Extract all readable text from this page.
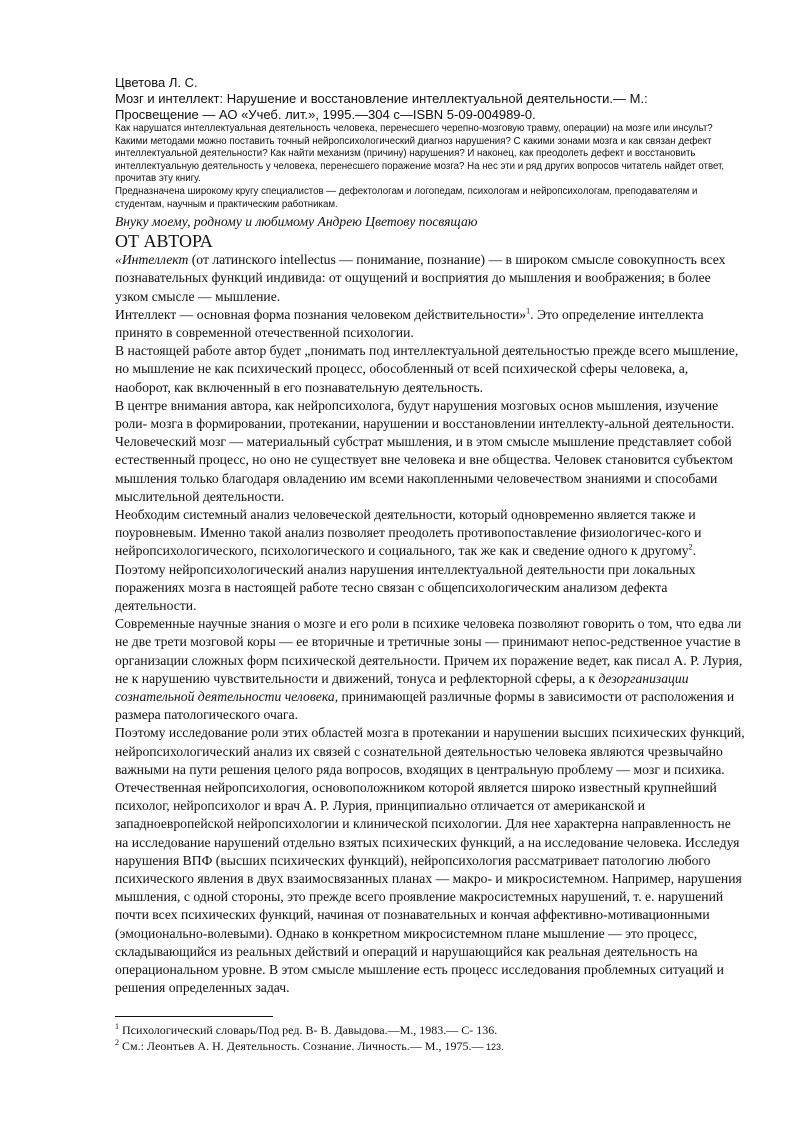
Цветова Л. С.
Мозг и интеллект: Нарушение и восстановление интеллектуальной деятельности.— М.:
Просвещение — АО «Учеб. лит.», 1995.—304 с—ISBN 5-09-004989-0.
Как нарушатся интеллектуальная деятельность человека, перенесшего черепно-мозговую травму, операции) на мозге или инсульт? Какими методами можно поставить точный нейропсихологический диагноз нарушения? С какими зонами мозга и как связан дефект интеллектуальной деятельности? Как найти механизм (причину) нарушения? И наконец, как преодолеть дефект и восстановить интеллектуальную деятельность у человека, перенесшего поражение мозга? На нес эти и ряд других вопросов читатель найдет ответ, прочитав эту книгу.
Предназначена широкому кругу специалистов — дефектологам и логопедам, психологам и нейропсихологам, преподавателям и студентам, научным и практическим работникам.
Внуку моему, родному и любимому Андрею Цветову посвящаю
ОТ АВТОРА

«Интеллект (от латинского intellectus — понимание, познание) — в широком смысле совокупность всех познавательных функций индивида: от ощущений и восприятия до мышления и воображения; в более узком смысле — мышление.

Интеллект — основная форма познания человеком действительности»$^1$. Это определение интеллекта принято в современной отечественной психологии.

В настоящей работе автор будет „понимать под интеллектуальной деятельностью прежде всего мышление, но мышление не как психический процесс, обособленный от всей психической сферы человека, а, наоборот, как включенный в его познавательную деятельность.

В центре внимания автора, как нейропсихолога, будут нарушения мозговых основ мышления, изучение роли- мозга в формировании, протекании, нарушении и восстановлении интеллекту-альной деятельности.

Человеческий мозг — материальный субстрат мышления, и в этом смысле мышление представляет собой естественный процесс, но оно не существует вне человека и вне общества. Человек становится субъектом мышления только благодаря овладению им всеми накопленными человечеством знаниями и способами мыслительной деятельности.

Необходим системный анализ человеческой деятельности, который одновременно является также и поуровневым. Именно такой анализ позволяет преодолеть противопоставление физиологичес-кого и нейропсихологического, психологического и социального, так же как и сведение одного к другому$^2$. Поэтому нейропсихологический анализ нарушения интеллектуальной деятельности при локальных поражениях мозга в настоящей работе тесно связан с общепсихологическим анализом дефекта деятельности.

Современные научные знания о мозге и его роли в психике человека позволяют говорить о том, что едва ли не две трети мозговой коры — ее вторичные и третичные зоны — принимают непос-редственное участие в организации сложных форм психической деятельности. Причем их поражение ведет, как писал А. Р. Лурия, не к нарушению чувствительности и движений, тонуса и рефлекторной сферы, а к дезорганизации сознательной деятельности человека, принимающей различные формы в зависимости от расположения и размера патологического очага.

Поэтому исследование роли этих областей мозга в протекании и нарушении высших психических функций, нейропсихологический анализ их связей с сознательной деятельностью человека являются чрезвычайно важными на пути решения целого ряда вопросов, входящих в центральную проблему — мозг и психика.

Отечественная нейропсихология, основоположником которой является широко известный крупнейший психолог, нейропсихолог и врач А. Р. Лурия, принципиально отличается от американской и западноевропейской нейропсихологии и клинической психологии. Для нее характерна направленность не на исследование нарушений отдельно взятых психических функций, а на исследование человека. Исследуя нарушения ВПФ (высших психических функций), нейропсихология рассматривает патологию любого психического явления в двух взаимосвязанных планах — макро- и микросистемном. Например, нарушения мышления, с одной стороны, это прежде всего проявление макросистемных нарушений, т. е. нарушений почти всех психических функций, начиная от познавательных и кончая аффективно-мотивационными (эмоционально-волевыми). Однако в конкретном микросистемном плане мышление — это процесс, складывающийся из реальных действий и операций и нарушающийся как реальная деятельность на операциональном уровне. В этом смысле мышление есть процесс исследования проблемных ситуаций и решения определенных задач.

$^1$ Психологический словарь/Под ред. В- В. Давыдова.—М., 1983.— С- 136.
$^2$ См.: Леонтьев А. Н. Деятельность. Сознание. Личность.— М., 1975.— 123.
